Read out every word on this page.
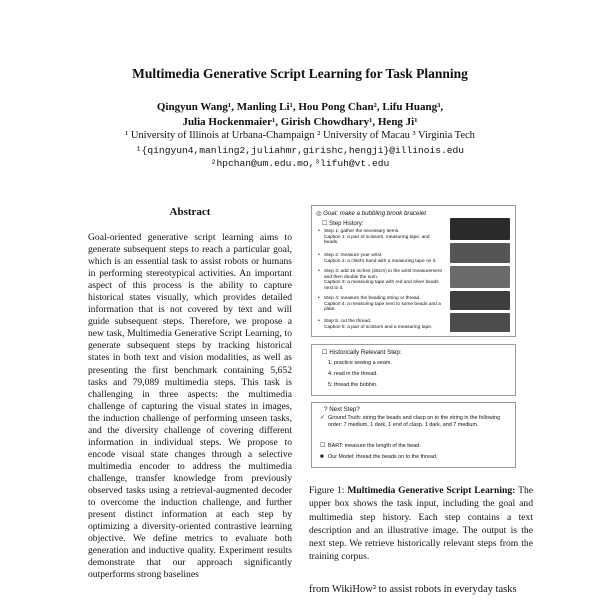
Multimedia Generative Script Learning for Task Planning
Qingyun Wang¹, Manling Li¹, Hou Pong Chan², Lifu Huang³,
Julia Hockenmaier¹, Girish Chowdhary¹, Heng Ji¹
¹ University of Illinois at Urbana-Champaign ² University of Macau ³ Virginia Tech
¹{qingyun4,manling2,juliahmr,girishc,hengji}@illinois.edu
²hpchan@um.edu.mo,³lifuh@vt.edu
Abstract
Goal-oriented generative script learning aims to generate subsequent steps to reach a particular goal, which is an essential task to assist robots or humans in performing stereotypical activities. An important aspect of this process is the ability to capture historical states visually, which provides detailed information that is not covered by text and will guide subsequent steps. Therefore, we propose a new task, Multimedia Generative Script Learning, to generate subsequent steps by tracking historical states in both text and vision modalities, as well as presenting the first benchmark containing 5,652 tasks and 79,089 multimedia steps. This task is challenging in three aspects: the multimedia challenge of capturing the visual states in images, the induction challenge of performing unseen tasks, and the diversity challenge of covering different information in individual steps. We propose to encode visual state changes through a selective multimedia encoder to address the multimedia challenge, transfer knowledge from previously observed tasks using a retrieval-augmented decoder to overcome the induction challenge, and further present distinct information at each step by optimizing a diversity-oriented contrastive learning objective. We define metrics to evaluate both generation and inductive quality. Experiment results demonstrate that our approach significantly outperforms strong baselines
◎ Goal: make a bubbling brook bracelet
☐ Step History:
• Step 1: gather the necessary items.
Caption 1: a pair of scissors, measuring tape, and beads.
• Step 2: measure your wrist.
Caption 2: a child's hand with a measuring tape on it.
• Step 3: add 16 inches (25cm) to the wrist measurement and then double the sum.
Caption 3: a measuring tape with red and silver beads next to it.
• Step 4: measure the beading string or thread.
Caption 4: a measuring tape next to some beads and a plate.
• Step 5: cut the thread.
Caption 5: a pair of scissors and a measuring tape.
☐ Historically Relevant Step:
1: practice sewing a seam.
4: read in the thread.
5: thread the bobbin.
? Next Step?
✓ Ground Truth: string the beads and clasp on to the string in the following order: 7 medium, 1 dark, 1 end of clasp, 1 dark, and 7 medium.
☐ BART: measure the length of the bead.
■ Our Model: thread the beads on to the thread.
Figure 1: Multimedia Generative Script Learning: The upper box shows the task input, including the goal and multimedia step history. Each step contains a text description and an illustrative image. The output is the next step. We retrieve historically relevant steps from the training corpus.
from WikiHow² to assist robots in everyday tasks
